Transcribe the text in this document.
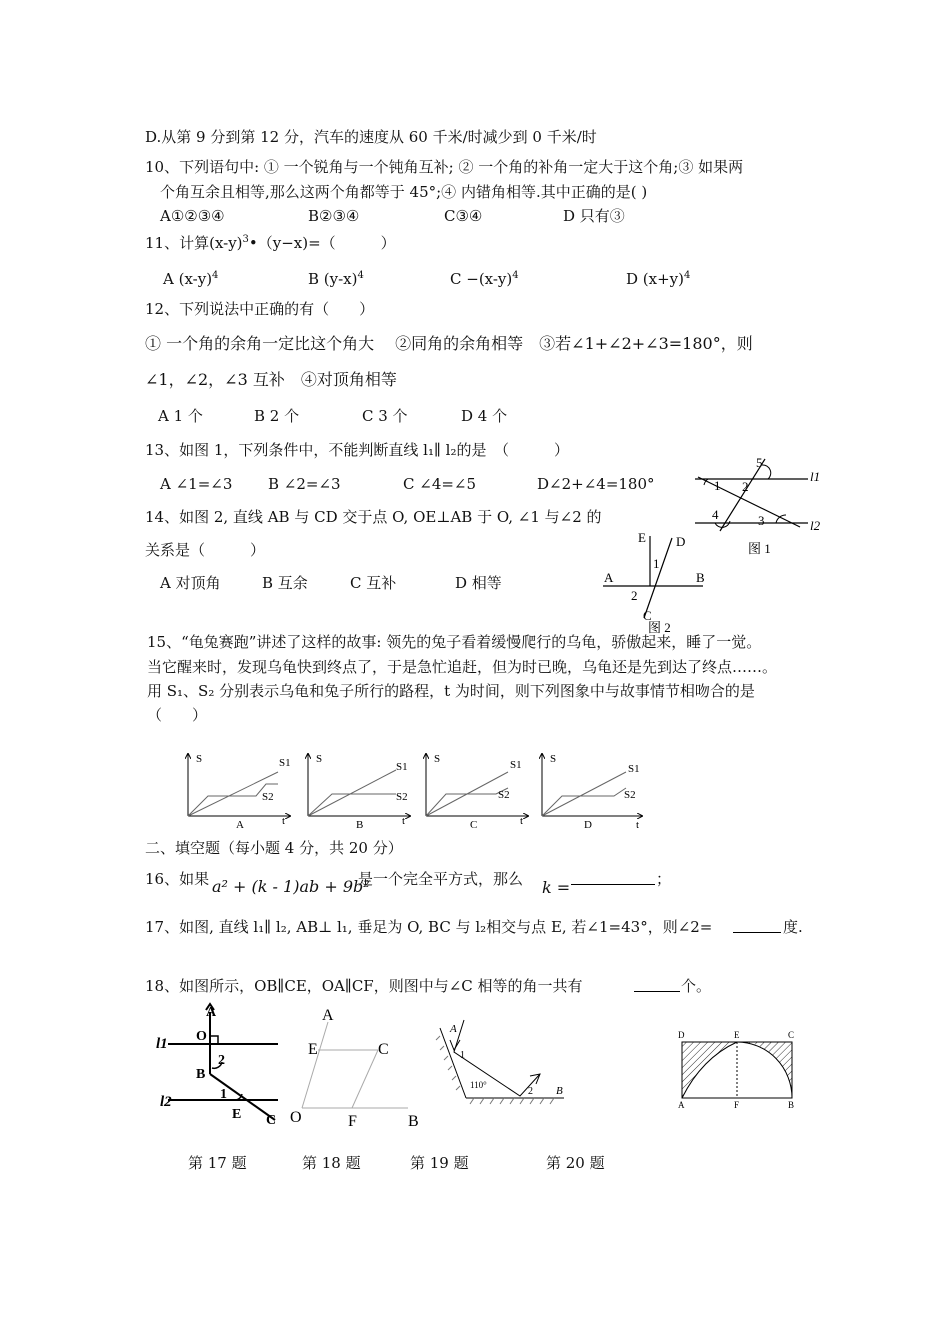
D.从第 9 分到第 12 分，汽车的速度从 60 千米/时减少到 0 千米/时
10、下列语句中: ① 一个锐角与一个钝角互补; ② 一个角的补角一定大于这个角;③ 如果两
个角互余且相等,那么这两个角都等于 45°;④ 内错角相等.其中正确的是( )
A①②③④	B②③④	C③④	D 只有③
11、计算$(x-y)^3•(y-x)=$（　　　）
A $(x-y)^4$	B $(y-x)^4$	$C -(x-y)^4$	D $(x+y)^4$
12、下列说法中正确的有（　　）
① 一个角的余角一定比这个角大　 ②同角的余角相等　③若∠1+∠2+∠3=180°，则
∠1，∠2，∠3 互补　④对顶角相等
A 1 个	B 2 个	C 3 个	D 4 个
13、如图 1，下列条件中，不能判断直线 l₁∥ l₂的是　（　　　）
A ∠1=∠3 B ∠2=∠3	C ∠4=∠5	D∠2+∠4=180°
5
1 2
4	3
l1
l2
图 1
14、如图 2, 直线 AB 与 CD 交于点 O, OE⊥AB 于 O, ∠1 与∠2 的
关系是（　　　）
A 对顶角	B 互余	C 互补	D 相等
E D
1
A	B
2
C
图 2
15、“龟兔赛跑”讲述了这样的故事: 领先的兔子看着缓慢爬行的乌龟，骄傲起来，睡了一觉。
当它醒来时，发现乌龟快到终点了，于是急忙追赶，但为时已晚，乌龟还是先到达了终点……。
用 S₁、S₂ 分别表示乌龟和兔子所行的路程，t 为时间，则下列图象中与故事情节相吻合的是
（　　）
S
t
S1
S2
A
S
t
S1
S2
B
S
t
S1
S2
C
S
t
S1
S2
D
二、填空题（每小题 4 分，共 20 分）
16、如果 a² + (k - 1)ab + 9b²
是一个完全平方式，那么 k =	；
17、如图, 直线 l₁∥ l₂, AB⊥ l₁, 垂足为 O, BC 与 l₂相交与点 E, 若∠1=43°，则∠2=	度.
18、如图所示，OB∥CE，OA∥CF，则图中与∠C 相等的角一共有	个。
A
O
l1
2
B
l2	1
E C
A
E	C
O	F	B
A
110°
1
2 B
D	E	C
A	F	B
第 17 题	第 18 题	第 19 题	第 20 题
